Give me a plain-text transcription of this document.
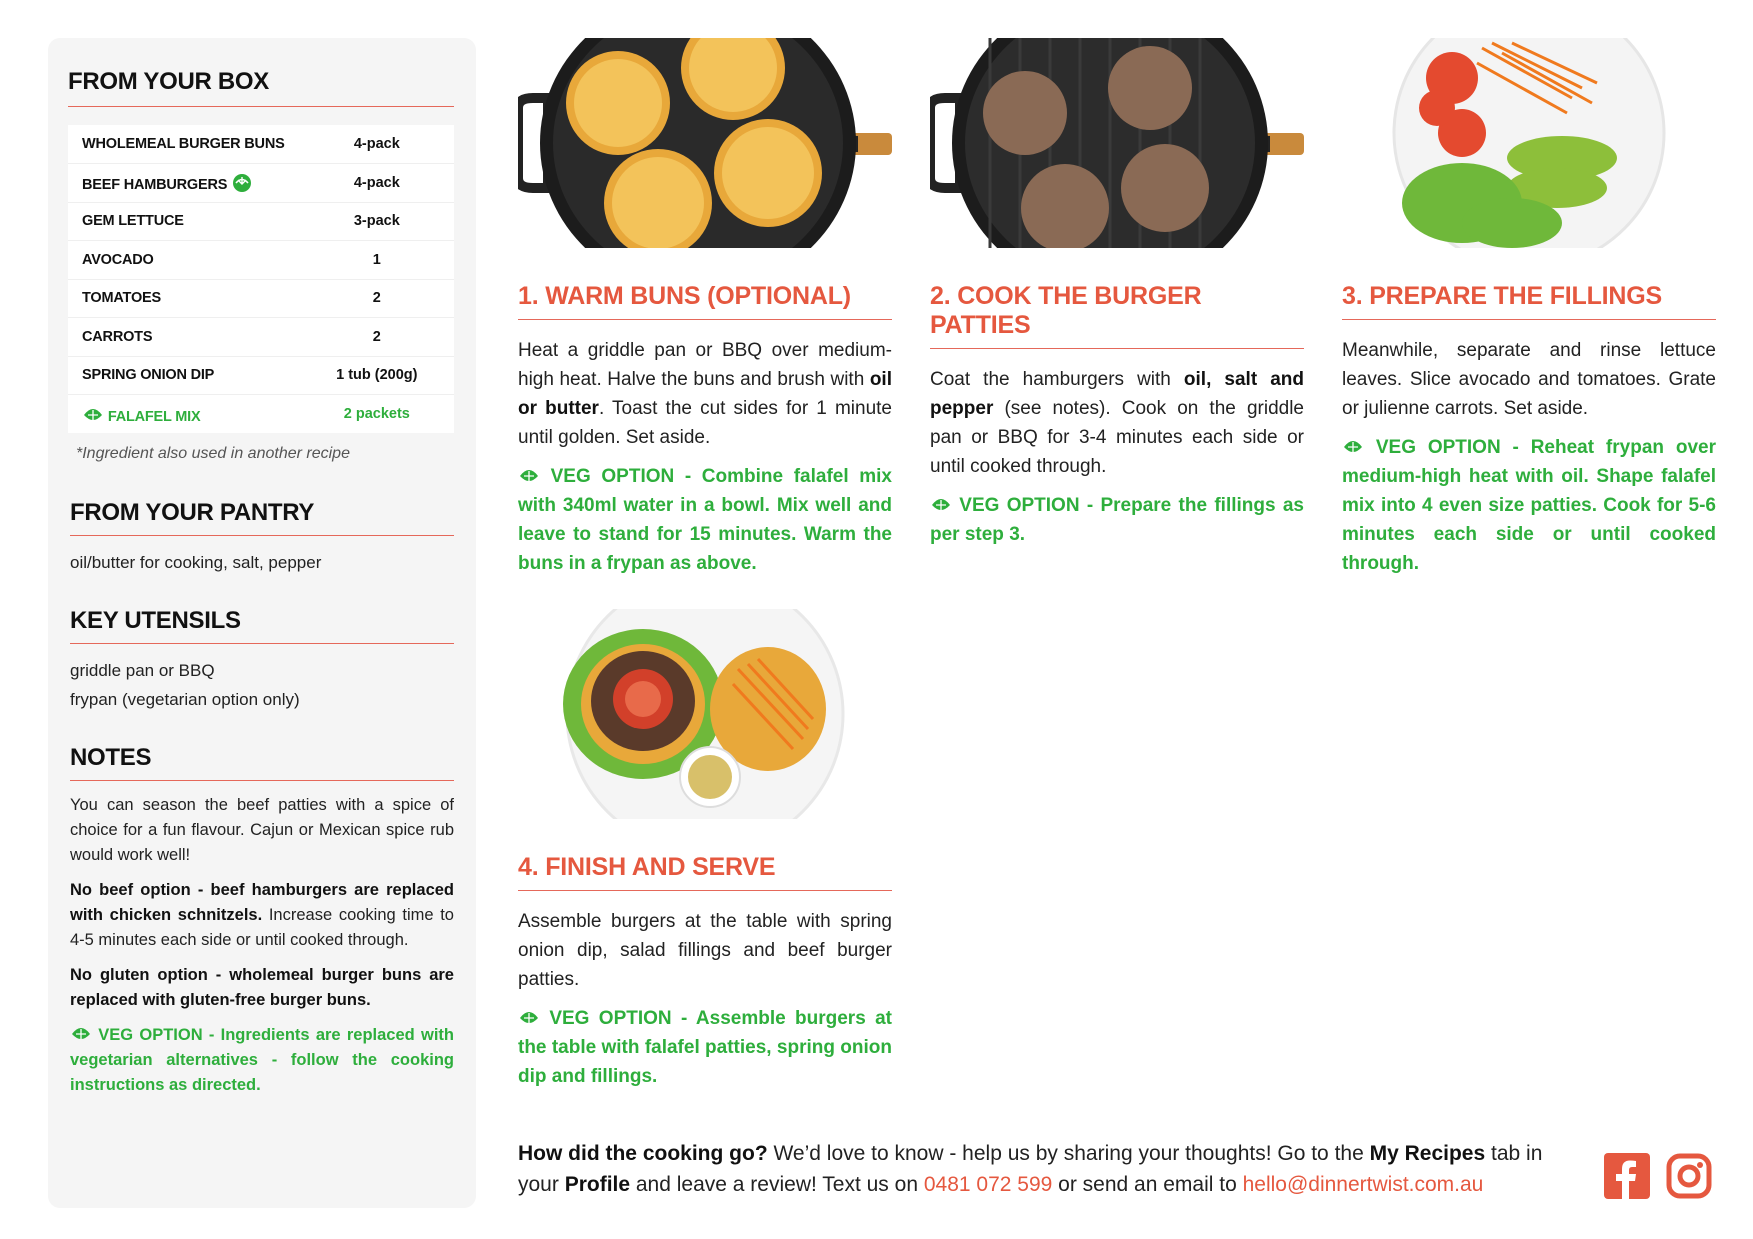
FROM YOUR BOX
WHOLEMEAL BURGER BUNS	4-pack
BEEF HAMBURGERS	4-pack
GEM LETTUCE	3-pack
AVOCADO	1
TOMATOES	2
CARROTS	2
SPRING ONION DIP	1 tub (200g)
FALAFEL MIX	2 packets
*Ingredient also used in another recipe
FROM YOUR PANTRY
oil/butter for cooking, salt, pepper
KEY UTENSILS
griddle pan or BBQ
frypan (vegetarian option only)
NOTES

You can season the beef patties with a spice of choice for a fun flavour. Cajun or Mexican spice rub would work well!

No beef option - beef hamburgers are replaced with chicken schnitzels. Increase cooking time to 4-5 minutes each side or until cooked through.

No gluten option - wholemeal burger buns are replaced with gluten-free burger buns.

VEG OPTION - Ingredients are replaced with vegetarian alternatives - follow the cooking instructions as directed.

1. WARM BUNS (OPTIONAL)
Heat a griddle pan or BBQ over medium-high heat. Halve the buns and brush with oil or butter. Toast the cut sides for 1 minute until golden. Set aside.
VEG OPTION - Combine falafel mix with 340ml water in a bowl. Mix well and leave to stand for 15 minutes. Warm the buns in a frypan as above.
2. COOK THE BURGER PATTIES
Coat the hamburgers with oil, salt and pepper (see notes). Cook on the griddle pan or BBQ for 3-4 minutes each side or until cooked through.
VEG OPTION - Prepare the fillings as per step 3.
3. PREPARE THE FILLINGS
Meanwhile, separate and rinse lettuce leaves. Slice avocado and tomatoes. Grate or julienne carrots. Set aside.
VEG OPTION - Reheat frypan over medium-high heat with oil. Shape falafel mix into 4 even size patties. Cook for 5-6 minutes each side or until cooked through.
4. FINISH AND SERVE
Assemble burgers at the table with spring onion dip, salad fillings and beef burger patties.
VEG OPTION - Assemble burgers at the table with falafel patties, spring onion dip and fillings.
How did the cooking go? We’d love to know - help us by sharing your thoughts! Go to the My Recipes tab in your Profile and leave a review! Text us on 0481 072 599 or send an email to hello@dinnertwist.com.au
